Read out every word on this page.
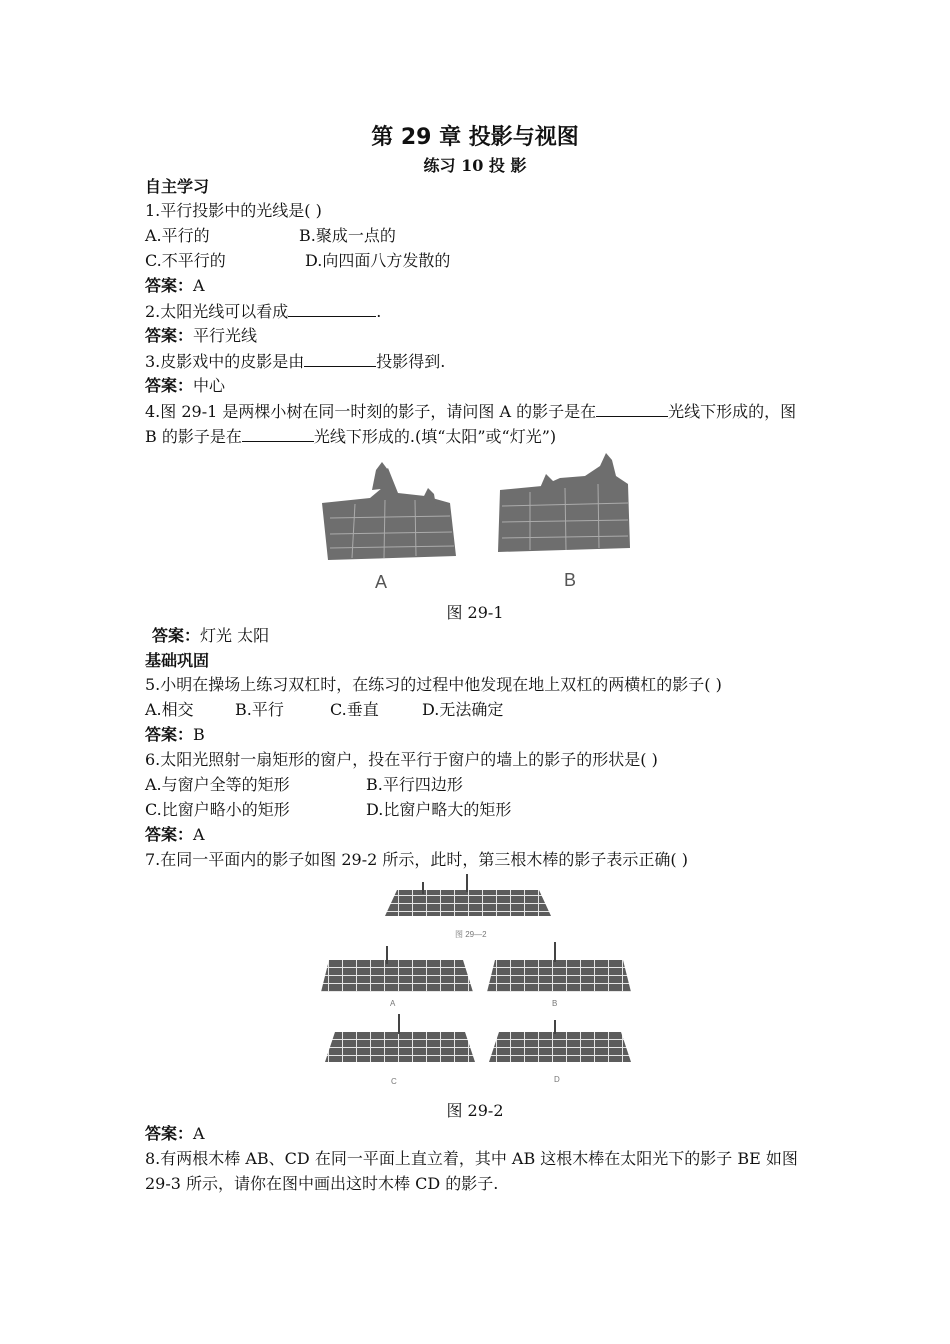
第 29 章 投影与视图
练习 10 投 影
自主学习
1.平行投影中的光线是( )
A.平行的	B.聚成一点的
C.不平行的	D.向四面八方发散的
答案：A
2.太阳光线可以看成	.
答案：平行光线
3.皮影戏中的皮影是由	投影得到.
答案：中心
4.图 29-1 是两棵小树在同一时刻的影子，请问图 A 的影子是在	光线下形成的，图
B 的影子是在	光线下形成的.(填“太阳”或“灯光”)
A	B
图 29-1
答案：灯光 太阳
基础巩固
5.小明在操场上练习双杠时，在练习的过程中他发现在地上双杠的两横杠的影子( )
A.相交	B.平行	C.垂直	D.无法确定
答案：B
6.太阳光照射一扇矩形的窗户，投在平行于窗户的墙上的影子的形状是( )
A.与窗户全等的矩形	B.平行四边形
C.比窗户略小的矩形	D.比窗户略大的矩形
答案：A
7.在同一平面内的影子如图 29-2 所示，此时，第三根木棒的影子表示正确( )
图 29—2
A	B
C	D
图 29-2
答案：A
8.有两根木棒 AB、CD 在同一平面上直立着，其中 AB 这根木棒在太阳光下的影子 BE 如图
29-3 所示，请你在图中画出这时木棒 CD 的影子.
